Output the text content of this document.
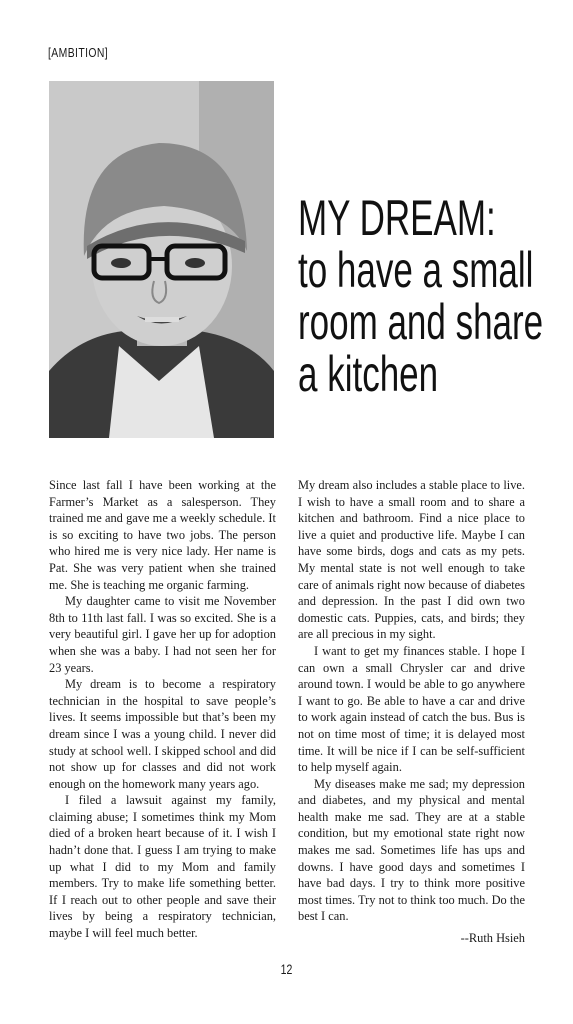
[AMBITION]
MY DREAM:
to have a small
room and share
a kitchen

Since last fall I have been working at the Farmer’s Market as a salesperson. They trained me and gave me a weekly schedule. It is so exciting to have two jobs. The person who hired me is very nice lady. Her name is Pat. She was very patient when she trained me. She is teaching me organic farming.

My daughter came to visit me November 8th to 11th last fall. I was so excited. She is a very beautiful girl. I gave her up for adoption when she was a baby. I had not seen her for 23 years.

My dream is to become a respiratory technician in the hospital to save people’s lives. It seems impossible but that’s been my dream since I was a young child. I never did study at school well. I skipped school and did not show up for classes and did not work enough on the homework many years ago.

I filed a lawsuit against my family, claiming abuse; I sometimes think my Mom died of a broken heart because of it. I wish I hadn’t done that. I guess I am trying to make up what I did to my Mom and family members. Try to make life something better. If I reach out to other people and save their lives by being a respiratory technician, maybe I will feel much better.

My dream also includes a stable place to live. I wish to have a small room and to share a kitchen and bathroom. Find a nice place to live a quiet and productive life. Maybe I can have some birds, dogs and cats as my pets. My mental state is not well enough to take care of animals right now because of diabetes and depression. In the past I did own two domestic cats. Puppies, cats, and birds; they are all precious in my sight.

I want to get my finances stable. I hope I can own a small Chrysler car and drive around town. I would be able to go anywhere I want to go. Be able to have a car and drive to work again instead of catch the bus. Bus is not on time most of time; it is delayed most time. It will be nice if I can be self-sufficient to help myself again.

My diseases make me sad; my depression and diabetes, and my physical and mental health make me sad. They are at a stable condition, but my emotional state right now makes me sad. Sometimes life has ups and downs. I have good days and sometimes I have bad days. I try to think more positive most times. Try not to think too much. Do the best I can.

--Ruth Hsieh
12
